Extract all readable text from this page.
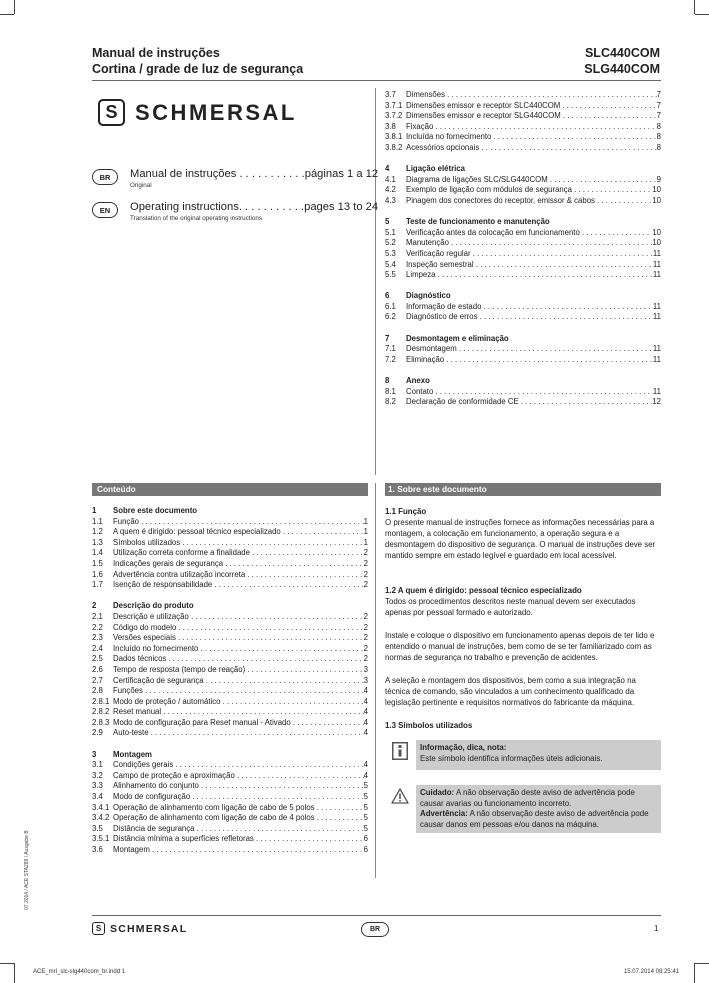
Manual de instruções
Cortina / grade de luz de segurança
SLC440COM
SLG440COM
S SCHMERSAL
BR	Manual de instruções . . . . . . . . . . .páginas 1 a 12
Original
EN	Operating instructions. . . . . . . . . . .pages 13 to 24
Translation of the original operating instructions
3.7	Dimensões . . .	7
3.7.1 Dimensões emissor e receptor SLC440COM . . .	7
3.7.2 Dimensões emissor e receptor SLG440COM . . .	7
3.8	Fixação . . .	8
3.8.1 Incluída no fornecimento . . .	8
3.8.2 Acessórios opcionais . . .	8
4	Ligação elétrica
4.1	Diagrama de ligações SLC/SLG440COM . . .	9
4.2	Exemplo de ligação com módulos de segurança . . .	10
4.3	Pinagem dos conectores do receptor, emissor & cabos . . .	10
5	Teste de funcionamento e manutenção
5.1	Verificação antes da colocação em funcionamento . . .	10
5.2	Manutenção . . .	10
5.3	Verificação regular . . .	11
5.4	Inspeção semestral . . .	11
5.5	Limpeza . . .	11
6	Diagnóstico
6.1	Informação de estado . . .	11
6.2	Diagnóstico de erros . . .	11
7	Desmontagem e eliminação
7.1	Desmontagem . . .	11
7.2	Eliminação . . .	11
8	Anexo
8.1	Contato . . .	11
8.2	Declaração de conformidade CE . . .	12
Conteúdo
1	Sobre este documento
1.1	Função . . .	1
1.2	A quem é dirigido: pessoal técnico especializado . . .	1
1.3	Símbolos utilizados . . .	1
1.4	Utilização correta conforme a finalidade . . .	2
1.5	Indicações gerais de segurança . . .	2
1.6	Advertência contra utilização incorreta . . .	2
1.7	Isenção de responsabilidade . . .	2
2	Descrição do produto
2.1	Descrição e utilização . . .	2
2.2	Código do modelo . . .	2
2.3	Versões especiais . . .	2
2.4	Incluído no fornecimento . . .	2
2.5	Dados técnicos . . .	2
2.6	Tempo de resposta (tempo de reação) . . .	3
2.7	Certificação de segurança . . .	3
2.8	Funções . . .	4
2.8.1 Modo de proteção / automático . . .	4
2.8.2 Reset manual . . .	4
2.8.3 Modo de configuração para Reset manual - Ativado . . .	4
2.9	Auto-teste . . .	4
3	Montagem
3.1	Condições gerais . . .	4
3.2	Campo de proteção e aproximação . . .	4
3.3	Alinhamento do conjunto . . .	5
3.4	Modo de configuração . . .	5
3.4.1 Operação de alinhamento com ligação de cabo de 5 polos . . .	5
3.4.2 Operação de alinhamento com ligação de cabo de 4 polos . . .	5
3.5	Distância de segurança . . .	5
3.5.1 Distância mínima a superfícies refletoras . . .	6
3.6	Montagem . . .	6
1. Sobre este documento
1.1 Função

O presente manual de instruções fornece as informações necessárias para a montagem, a colocação em funcionamento, a operação segura e a desmontagem do dispositivo de segurança. O manual de instruções deve ser mantido sempre em estado legível e guardado em local acessível.

1.2 A quem é dirigido: pessoal técnico especializado

Todos os procedimentos descritos neste manual devem ser executados apenas por pessoal formado e autorizado.

Instale e coloque o dispositivo em funcionamento apenas depois de ter lido e entendido o manual de instruções, bem como de se ter familiarizado com as normas de segurança no trabalho e prevenção de acidentes.

A seleção e montagem dos dispositivos, bem como a sua integração na técnica de comando, são vinculados a um conhecimento qualificado da legislação pertinente e requisitos normativos do fabricante da máquina.

1.3 Símbolos utilizados
Informação, dica, nota:
Este símbolo identifica informações úteis adicionais.
Cuidado: A não observação deste aviso de advertência pode causar avarias ou funcionamento incorreto.
Advertência: A não observação deste aviso de advertência pode causar danos em pessoas e/ou danos na máquina.
07.2014 / ACE STA289 / Ausgabe B
S SCHMERSAL	BR	1
ACE_mrl_slc-slg440com_br.indd 1	15.07.2014 08:25:41
